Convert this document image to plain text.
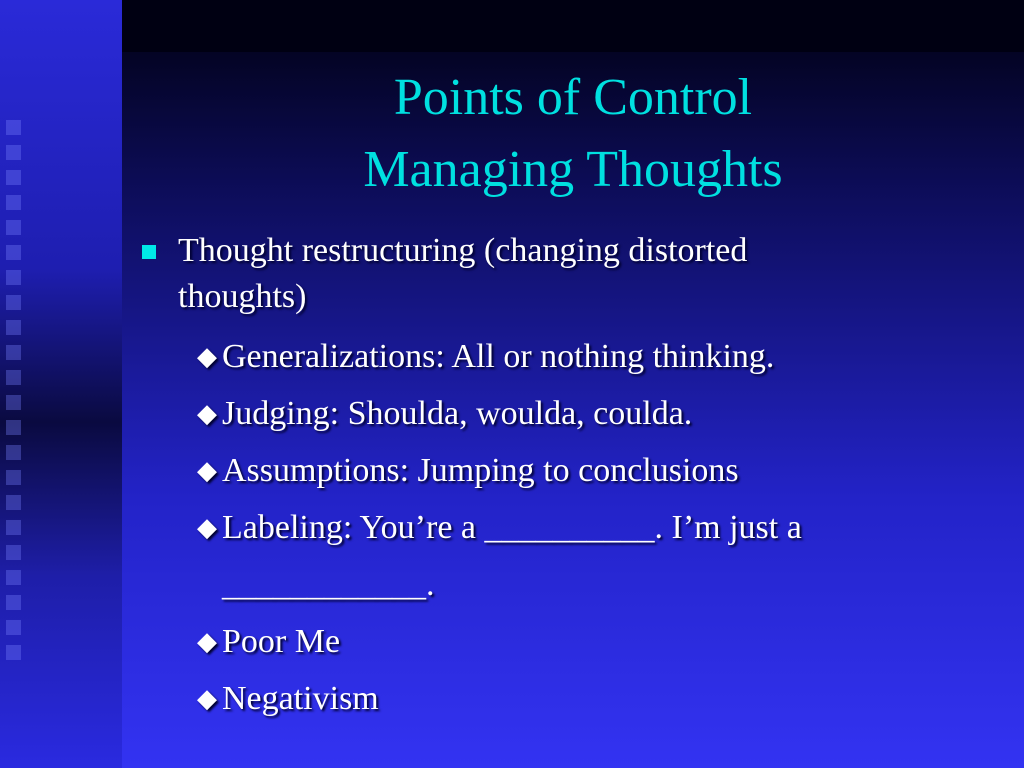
Points of Control
Managing Thoughts
Thought restructuring (changing distorted
thoughts)
◆ Generalizations: All or nothing thinking.
◆ Judging: Shoulda, woulda, coulda.
◆ Assumptions: Jumping to conclusions
◆ Labeling: You’re a __________. I’m just a
____________.
◆ Poor Me
◆ Negativism
